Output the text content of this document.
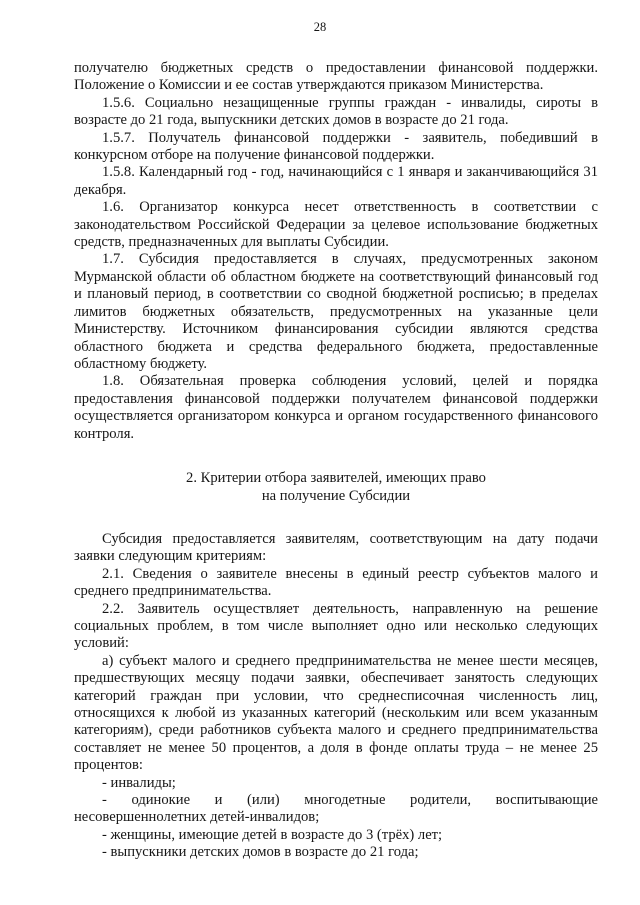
28

получателю бюджетных средств о предоставлении финансовой поддержки. Положение о Комиссии и ее состав утверждаются приказом Министерства.

1.5.6. Социально незащищенные группы граждан - инвалиды, сироты в возрасте до 21 года, выпускники детских домов в возрасте до 21 года.

1.5.7. Получатель финансовой поддержки - заявитель, победивший в конкурсном отборе на получение финансовой поддержки.

1.5.8. Календарный год - год, начинающийся с 1 января и заканчивающийся 31 декабря.

1.6. Организатор конкурса несет ответственность в соответствии с законодательством Российской Федерации за целевое использование бюджетных средств, предназначенных для выплаты Субсидии.

1.7. Субсидия предоставляется в случаях, предусмотренных законом Мурманской области об областном бюджете на соответствующий финансовый год и плановый период, в соответствии со сводной бюджетной росписью; в пределах лимитов бюджетных обязательств, предусмотренных на указанные цели Министерству. Источником финансирования субсидии являются средства областного бюджета и средства федерального бюджета, предоставленные областному бюджету.

1.8. Обязательная проверка соблюдения условий, целей и порядка предоставления финансовой поддержки получателем финансовой поддержки осуществляется организатором конкурса и органом государственного финансового контроля.

2. Критерии отбора заявителей, имеющих право
на получение Субсидии

Субсидия предоставляется заявителям, соответствующим на дату подачи заявки следующим критериям:

2.1. Сведения о заявителе внесены в единый реестр субъектов малого и среднего предпринимательства.

2.2. Заявитель осуществляет деятельность, направленную на решение социальных проблем, в том числе выполняет одно или несколько следующих условий:

а) субъект малого и среднего предпринимательства не менее шести месяцев, предшествующих месяцу подачи заявки, обеспечивает занятость следующих категорий граждан при условии, что среднесписочная численность лиц, относящихся к любой из указанных категорий (нескольким или всем указанным категориям), среди работников субъекта малого и среднего предпринимательства составляет не менее 50 процентов, а доля в фонде оплаты труда – не менее 25 процентов:

- инвалиды;

- одинокие и (или) многодетные родители, воспитывающие несовершеннолетних детей-инвалидов;

- женщины, имеющие детей в возрасте до 3 (трёх) лет;

- выпускники детских домов в возрасте до 21 года;
